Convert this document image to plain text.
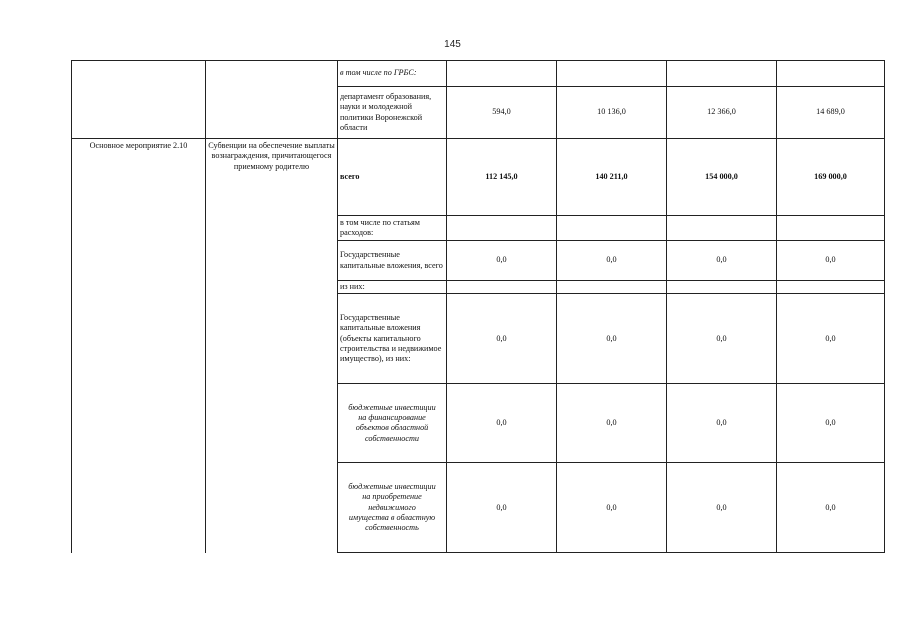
145
		в том числе по ГРБС:				
		департамент образования, науки и молодежной политики Воронежской области	594,0	10 136,0	12 366,0	14 689,0
Основное мероприятие 2.10	Субвенции на обеспечение выплаты вознаграждения, причитающегося приемному родителю	всего	112 145,0	140 211,0	154 000,0	169 000,0
		в том числе по статьям расходов:				
		Государственные капитальные вложения, всего	0,0	0,0	0,0	0,0
		из них:				
		Государственные капитальные вложения (объекты капитального строительства и недвижимое имущество), из них:	0,0	0,0	0,0	0,0
		бюджетные инвестиции на финансирование объектов областной собственности	0,0	0,0	0,0	0,0
		бюджетные инвестиции на приобретение недвижимого имущества в областную собственность	0,0	0,0	0,0	0,0
